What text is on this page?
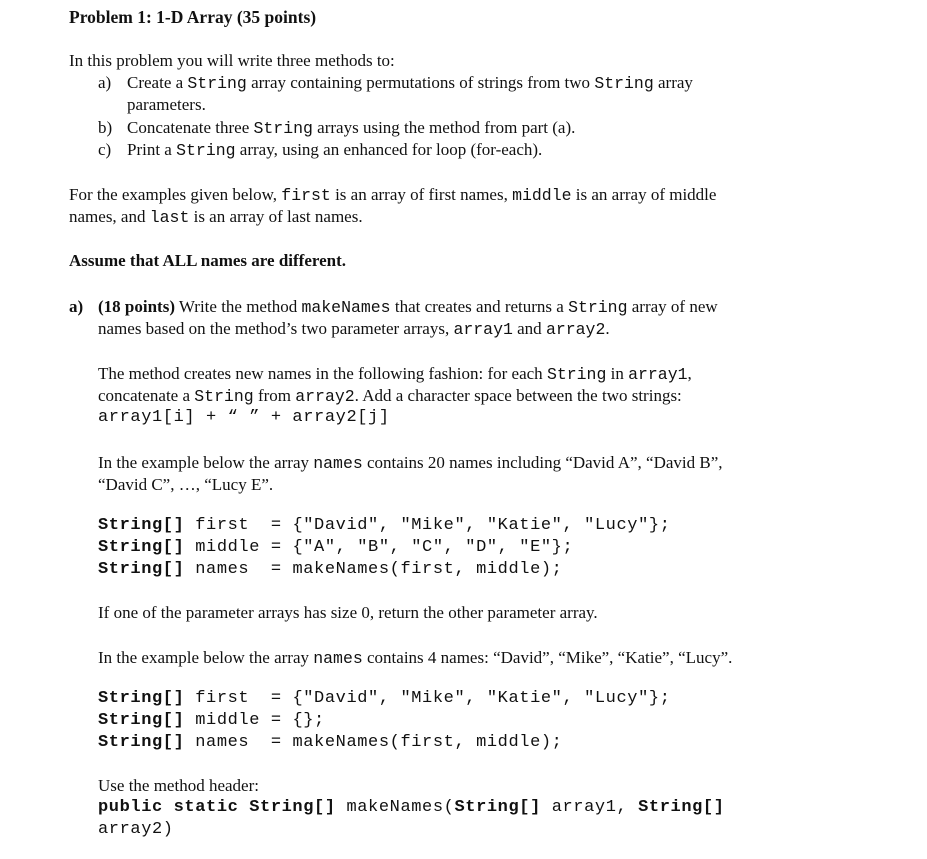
Problem 1: 1-D Array (35 points)
In this problem you will write three methods to:
a) Create a String array containing permutations of strings from two String array
parameters.
b) Concatenate three String arrays using the method from part (a).
c) Print a String array, using an enhanced for loop (for-each).
For the examples given below, first is an array of first names, middle is an array of middle
names, and last is an array of last names.
Assume that ALL names are different.
a) (18 points) Write the method makeNames that creates and returns a String array of new
names based on the method’s two parameter arrays, array1 and array2.
The method creates new names in the following fashion: for each String in array1,
concatenate a String from array2. Add a character space between the two strings:
array1[i] + “ ” + array2[j]
In the example below the array names contains 20 names including “David A”, “David B”,
“David C”, …, “Lucy E”.
String[] first  = {"David", "Mike", "Katie", "Lucy"};
String[] middle = {"A", "B", "C", "D", "E"};
String[] names  = makeNames(first, middle);
If one of the parameter arrays has size 0, return the other parameter array.
In the example below the array names contains 4 names: “David”, “Mike”, “Katie”, “Lucy”.
String[] first  = {"David", "Mike", "Katie", "Lucy"};
String[] middle = {};
String[] names  = makeNames(first, middle);
Use the method header:
public static String[] makeNames(String[] array1, String[]
array2)
